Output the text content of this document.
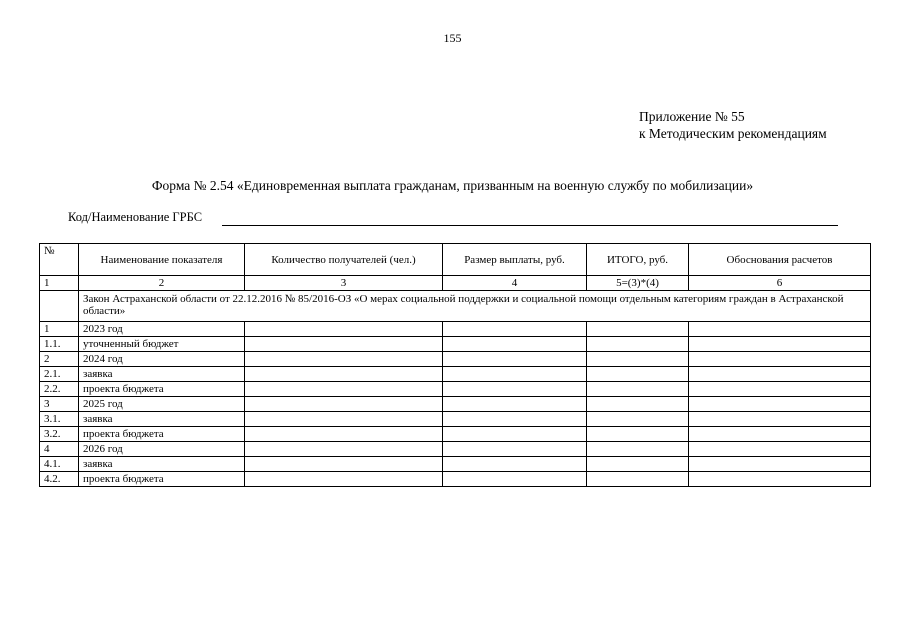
155
Приложение № 55
к Методическим рекомендациям
Форма № 2.54 «Единовременная выплата гражданам, призванным на военную службу по мобилизации»
Код/Наименование ГРБС
№	Наименование показателя	Количество получателей (чел.)	Размер выплаты, руб.	ИТОГО, руб.	Обоснования расчетов
1	2	3	4	5=(3)*(4)	6

	Закон Астраханской области от 22.12.2016 № 85/2016-ОЗ «О мерах социальной поддержки и социальной помощи отдельным категориям граждан в Астраханской области»				

1	2023 год				
1.1.	уточненный бюджет				
2	2024 год				
2.1.	заявка				
2.2.	проекта бюджета				
3	2025 год				
3.1.	заявка				
3.2.	проекта бюджета				
4	2026 год				
4.1.	заявка				
4.2.	проекта бюджета				
